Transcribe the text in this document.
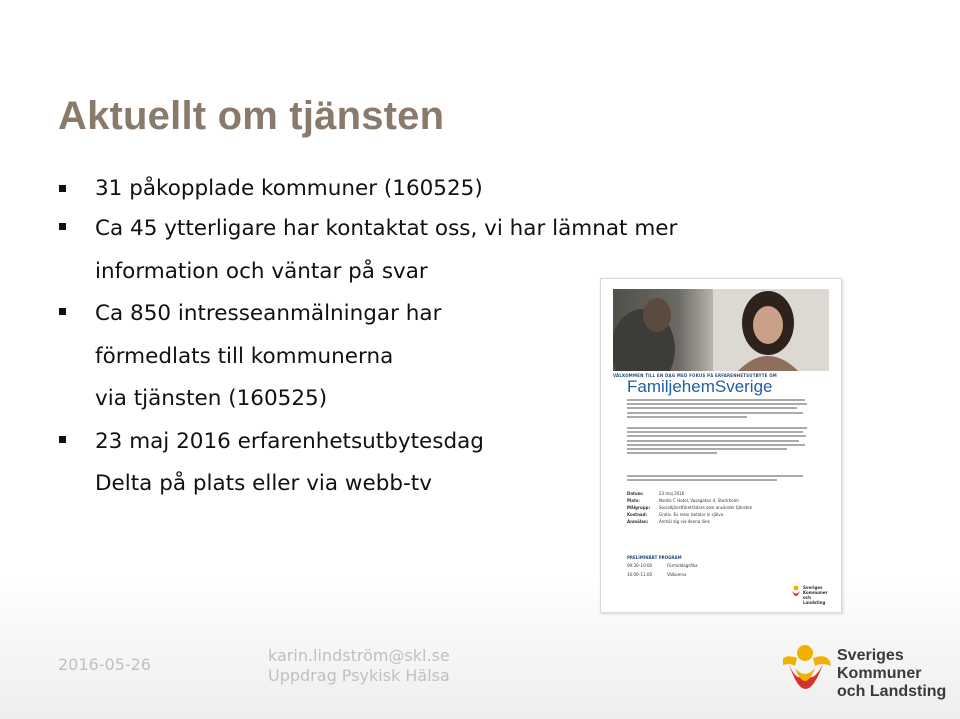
Aktuellt om tjänsten
31 påkopplade kommuner (160525)
Ca 45 ytterligare har kontaktat oss, vi har lämnat mer
information och väntar på svar
Ca 850 intresseanmälningar har
förmedlats till kommunerna
via tjänsten (160525)
23 maj 2016 erfarenhetsutbytesdag
Delta på plats eller via webb-tv
VÄLKOMMEN TILL EN DAG MED FOKUS PÅ ERFARENHETSUTBYTE OM
FamiljehemSverige
Datum:	23 maj 2016
Plats:	Nordic C Hotel, Vasagatan 4, Stockholm
Målgrupp:	Socialtjänstföreträdare som använder tjänsten
Kostnad:	Gratis. Ev resor betalar ni själva.
Anmälan:	Anmäl dig via denna länk
PRELIMINÄRT PROGRAM
09:30–10:00	Förmiddagsfika
10:00–11:00	Välkomna
Sveriges
Kommuner
och Landsting
2016-05-26	karin.lindström@skl.se
Uppdrag Psykisk Hälsa
Sveriges
Kommuner
och Landsting
